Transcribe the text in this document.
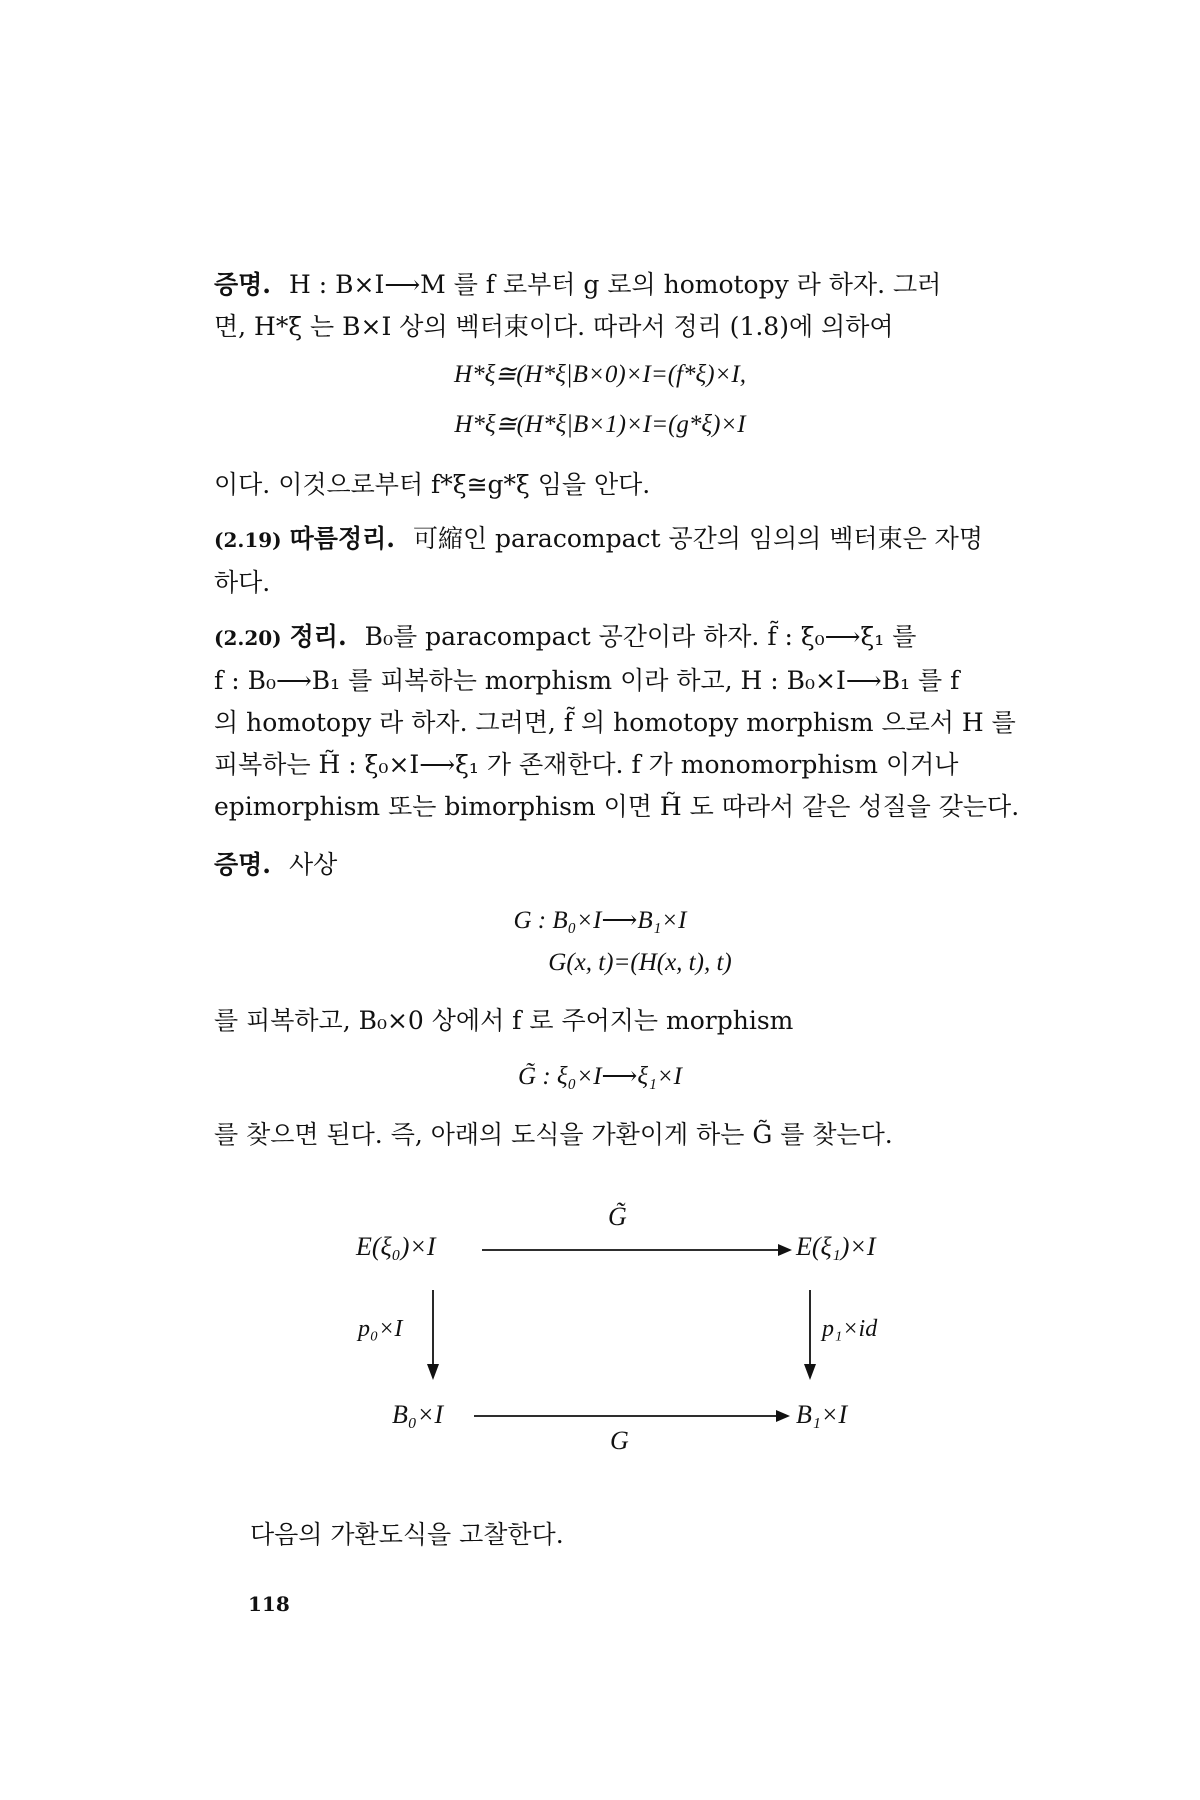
증명. H : B×I⟶M 를 f 로부터 g 로의 homotopy 라 하자. 그러
면, H*ξ 는 B×I 상의 벡터束이다. 따라서 정리 (1.8)에 의하여
H*ξ≅(H*ξ|B×0)×I=(f*ξ)×I,
H*ξ≅(H*ξ|B×1)×I=(g*ξ)×I
이다. 이것으로부터 f*ξ≅g*ξ 임을 안다.
(2.19) 따름정리. 可縮인 paracompact 공간의 임의의 벡터束은 자명
하다.
(2.20) 정리. B₀를 paracompact 공간이라 하자. f̃ : ξ₀⟶ξ₁ 를
f : B₀⟶B₁ 를 피복하는 morphism 이라 하고, H : B₀×I⟶B₁ 를 f
의 homotopy 라 하자. 그러면, f̃ 의 homotopy morphism 으로서 H 를
피복하는 H̃ : ξ₀×I⟶ξ₁ 가 존재한다. f 가 monomorphism 이거나
epimorphism 또는 bimorphism 이면 H̃ 도 따라서 같은 성질을 갖는다.
증명. 사상
G : B₀×I⟶B₁×I
G(x, t)=(H(x, t), t)
를 피복하고, B₀×0 상에서 f 로 주어지는 morphism
G̃ : ξ₀×I⟶ξ₁×I
를 찾으면 된다. 즉, 아래의 도식을 가환이게 하는 G̃ 를 찾는다.
E(ξ₀)×I
G̃
E(ξ₁)×I
p₀×I	p₁×id
B₀×I
G
B₁×I
다음의 가환도식을 고찰한다.
118
